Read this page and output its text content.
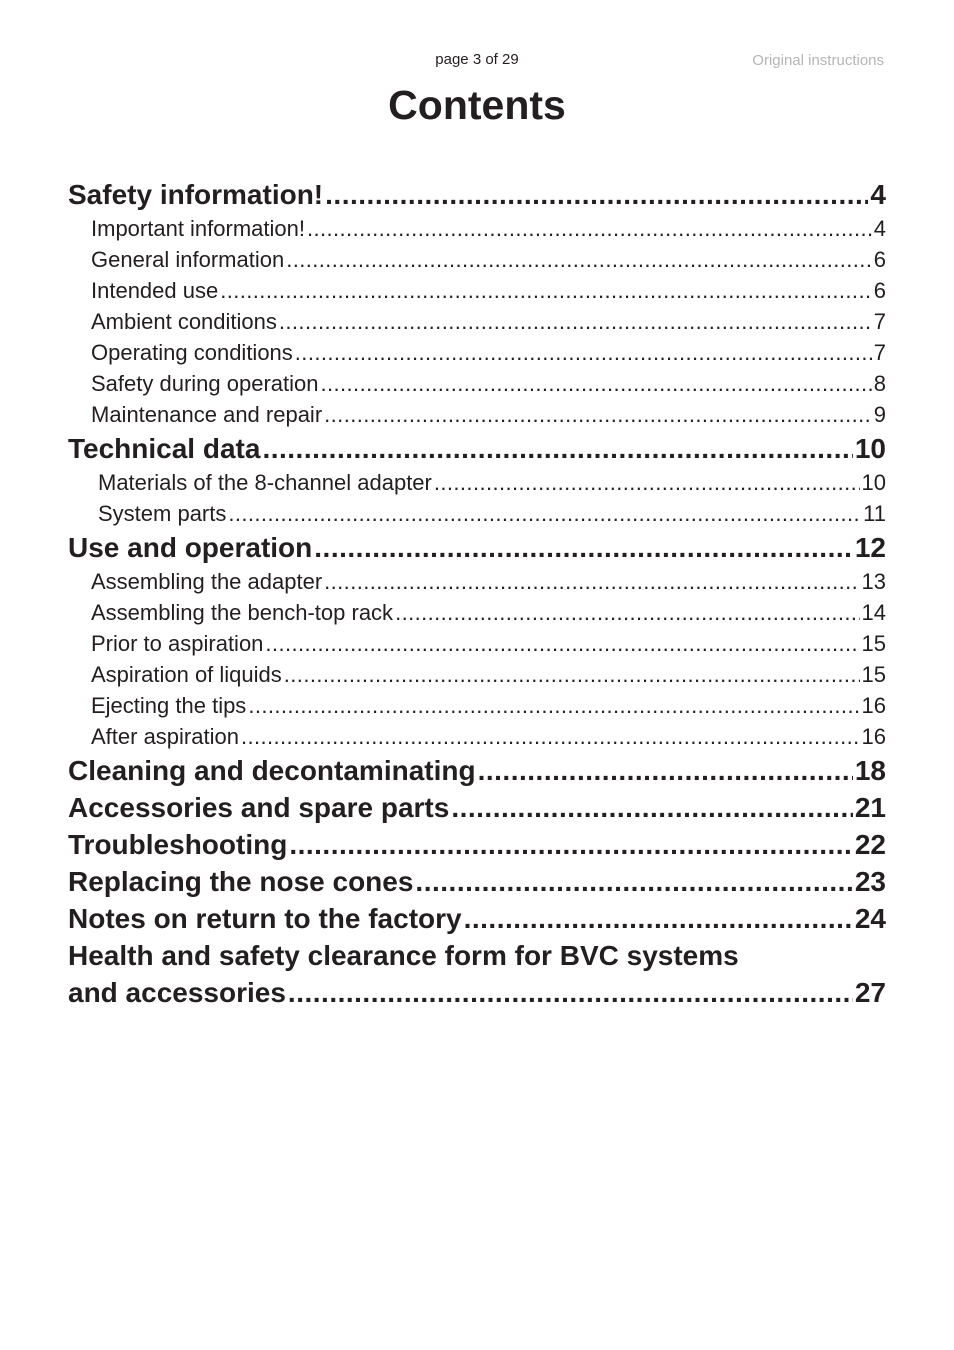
page 3 of 29	Original instructions
Contents
Safety information! .....	4
Important information! .....	4
General information .....	6
Intended use .....	6
Ambient conditions .....	7
Operating conditions .....	7
Safety during operation .....	8
Maintenance and repair .....	9
Technical data .....	10
Materials of the 8-channel adapter .....	10
System parts .....	11
Use and operation .....	12
Assembling the adapter .....	13
Assembling the bench-top rack .....	14
Prior to aspiration .....	15
Aspiration of liquids .....	15
Ejecting the tips .....	16
After aspiration .....	16
Cleaning and decontaminating .....	18
Accessories and spare parts .....	21
Troubleshooting .....	22
Replacing the nose cones .....	23
Notes on return to the factory .....	24
Health and safety clearance form for BVC systems
and accessories .....	27
